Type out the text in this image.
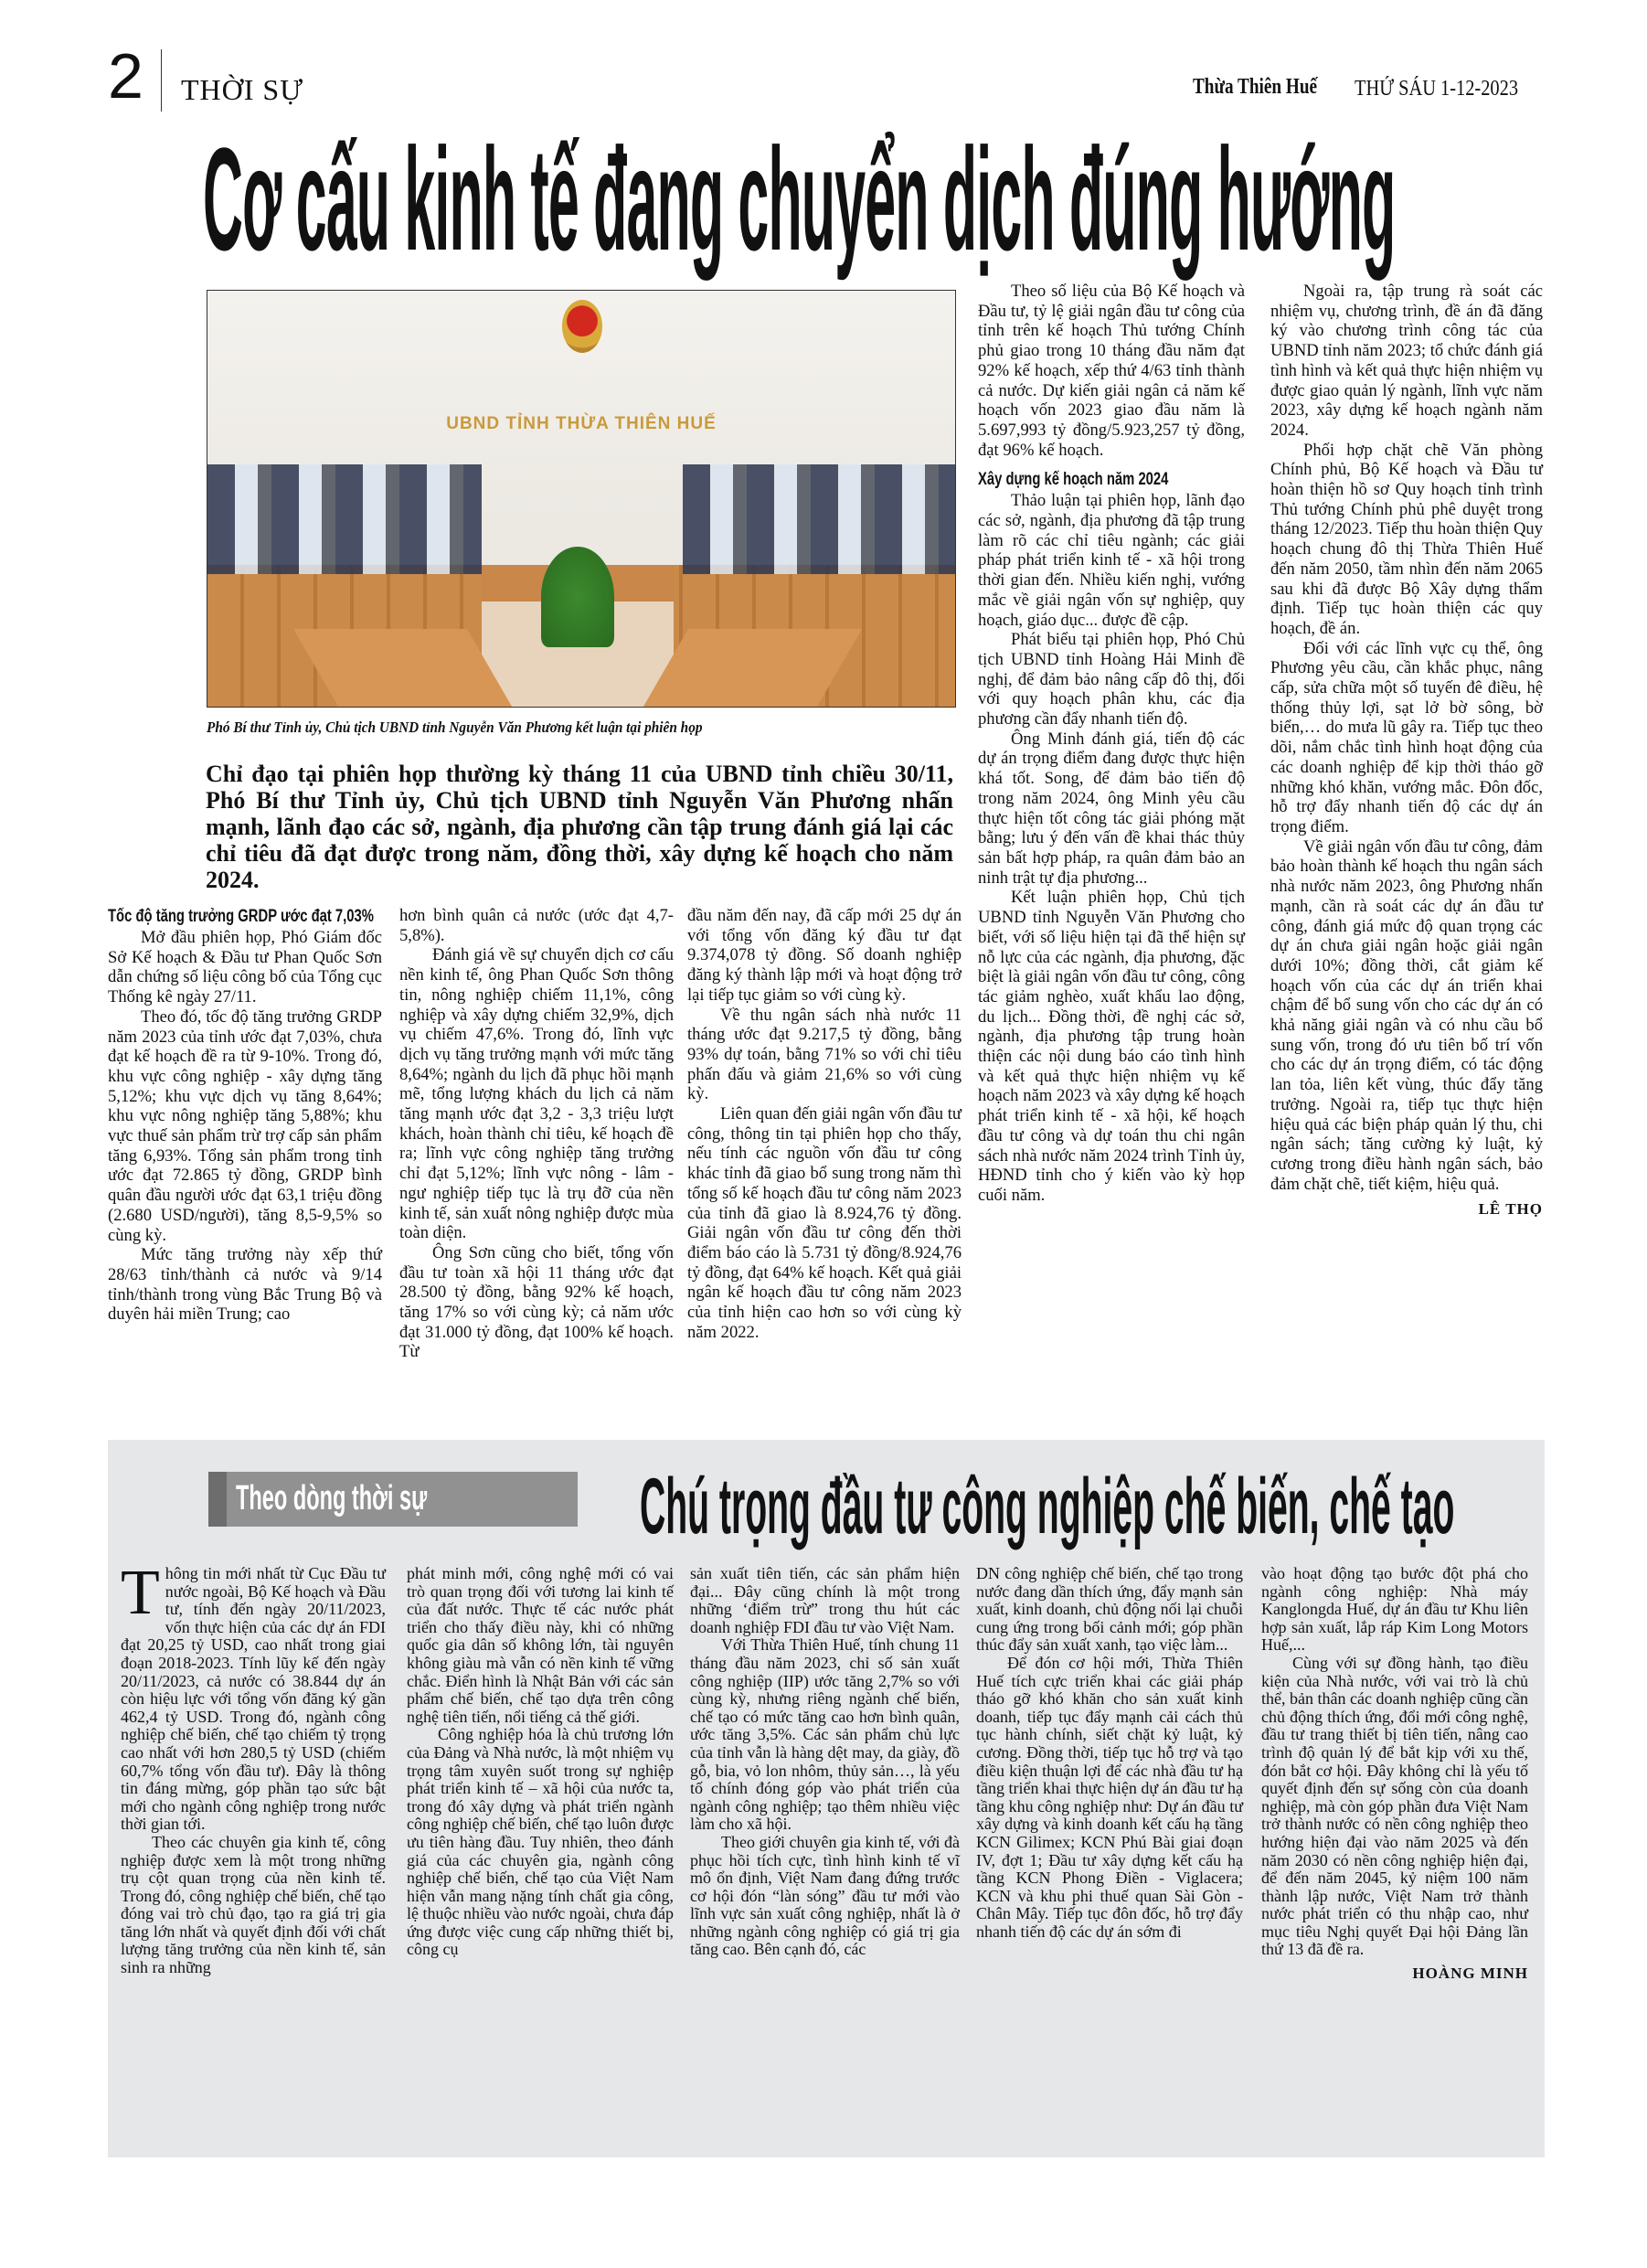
2 THỜI SỰ	Thừa Thiên Huế THỨ SÁU 1-12-2023
Cơ cấu kinh tế đang chuyển dịch đúng hướng
UBND TỈNH THỪA THIÊN HUẾ
Phó Bí thư Tỉnh ủy, Chủ tịch UBND tỉnh Nguyễn Văn Phương kết luận tại phiên họp
Chỉ đạo tại phiên họp thường kỳ tháng 11 của UBND tỉnh chiều 30/11, Phó Bí thư Tỉnh ủy, Chủ tịch UBND tỉnh Nguyễn Văn Phương nhấn mạnh, lãnh đạo các sở, ngành, địa phương cần tập trung đánh giá lại các chỉ tiêu đã đạt được trong năm, đồng thời, xây dựng kế hoạch cho năm 2024.
Tốc độ tăng trưởng GRDP ước đạt 7,03%

Mở đầu phiên họp, Phó Giám đốc Sở Kế hoạch & Đầu tư Phan Quốc Sơn dẫn chứng số liệu công bố của Tổng cục Thống kê ngày 27/11.

Theo đó, tốc độ tăng trưởng GRDP năm 2023 của tỉnh ước đạt 7,03%, chưa đạt kế hoạch đề ra từ 9-10%. Trong đó, khu vực công nghiệp - xây dựng tăng 5,12%; khu vực dịch vụ tăng 8,64%; khu vực nông nghiệp tăng 5,88%; khu vực thuế sản phẩm trừ trợ cấp sản phẩm tăng 6,93%. Tổng sản phẩm trong tỉnh ước đạt 72.865 tỷ đồng, GRDP bình quân đầu người ước đạt 63,1 triệu đồng (2.680 USD/người), tăng 8,5-9,5% so cùng kỳ.

Mức tăng trưởng này xếp thứ 28/63 tỉnh/thành cả nước và 9/14 tỉnh/thành trong vùng Bắc Trung Bộ và duyên hải miền Trung; cao

hơn bình quân cả nước (ước đạt 4,7-5,8%).

Đánh giá về sự chuyển dịch cơ cấu nền kinh tế, ông Phan Quốc Sơn thông tin, nông nghiệp chiếm 11,1%, công nghiệp và xây dựng chiếm 32,9%, dịch vụ chiếm 47,6%. Trong đó, lĩnh vực dịch vụ tăng trưởng mạnh với mức tăng 8,64%; ngành du lịch đã phục hồi mạnh mẽ, tổng lượng khách du lịch cả năm tăng mạnh ước đạt 3,2 - 3,3 triệu lượt khách, hoàn thành chỉ tiêu, kế hoạch đề ra; lĩnh vực công nghiệp tăng trưởng chỉ đạt 5,12%; lĩnh vực nông - lâm - ngư nghiệp tiếp tục là trụ đỡ của nền kinh tế, sản xuất nông nghiệp được mùa toàn diện.

Ông Sơn cũng cho biết, tổng vốn đầu tư toàn xã hội 11 tháng ước đạt 28.500 tỷ đồng, bằng 92% kế hoạch, tăng 17% so với cùng kỳ; cả năm ước đạt 31.000 tỷ đồng, đạt 100% kế hoạch. Từ

đầu năm đến nay, đã cấp mới 25 dự án với tổng vốn đăng ký đầu tư đạt 9.374,078 tỷ đồng. Số doanh nghiệp đăng ký thành lập mới và hoạt động trở lại tiếp tục giảm so với cùng kỳ.

Về thu ngân sách nhà nước 11 tháng ước đạt 9.217,5 tỷ đồng, bằng 93% dự toán, bằng 71% so với chỉ tiêu phấn đấu và giảm 21,6% so với cùng kỳ.

Liên quan đến giải ngân vốn đầu tư công, thông tin tại phiên họp cho thấy, nếu tính các nguồn vốn đầu tư công khác tỉnh đã giao bổ sung trong năm thì tổng số kế hoạch đầu tư công năm 2023 của tỉnh đã giao là 8.924,76 tỷ đồng. Giải ngân vốn đầu tư công đến thời điểm báo cáo là 5.731 tỷ đồng/8.924,76 tỷ đồng, đạt 64% kế hoạch. Kết quả giải ngân kế hoạch đầu tư công năm 2023 của tỉnh hiện cao hơn so với cùng kỳ năm 2022.

Theo số liệu của Bộ Kế hoạch và Đầu tư, tỷ lệ giải ngân đầu tư công của tỉnh trên kế hoạch Thủ tướng Chính phủ giao trong 10 tháng đầu năm đạt 92% kế hoạch, xếp thứ 4/63 tỉnh thành cả nước. Dự kiến giải ngân cả năm kế hoạch vốn 2023 giao đầu năm là 5.697,993 tỷ đồng/5.923,257 tỷ đồng, đạt 96% kế hoạch.

Xây dựng kế hoạch năm 2024

Thảo luận tại phiên họp, lãnh đạo các sở, ngành, địa phương đã tập trung làm rõ các chỉ tiêu ngành; các giải pháp phát triển kinh tế - xã hội trong thời gian đến. Nhiều kiến nghị, vướng mắc về giải ngân vốn sự nghiệp, quy hoạch, giáo dục... được đề cập.

Phát biểu tại phiên họp, Phó Chủ tịch UBND tỉnh Hoàng Hải Minh đề nghị, để đảm bảo nâng cấp đô thị, đối với quy hoạch phân khu, các địa phương cần đẩy nhanh tiến độ.

Ông Minh đánh giá, tiến độ các dự án trọng điểm đang được thực hiện khá tốt. Song, để đảm bảo tiến độ trong năm 2024, ông Minh yêu cầu thực hiện tốt công tác giải phóng mặt bằng; lưu ý đến vấn đề khai thác thủy sản bất hợp pháp, ra quân đảm bảo an ninh trật tự địa phương...

Kết luận phiên họp, Chủ tịch UBND tỉnh Nguyễn Văn Phương cho biết, với số liệu hiện tại đã thể hiện sự nỗ lực của các ngành, địa phương, đặc biệt là giải ngân vốn đầu tư công, công tác giảm nghèo, xuất khẩu lao động, du lịch... Đồng thời, đề nghị các sở, ngành, địa phương tập trung hoàn thiện các nội dung báo cáo tình hình và kết quả thực hiện nhiệm vụ kế hoạch năm 2023 và xây dựng kế hoạch phát triển kinh tế - xã hội, kế hoạch đầu tư công và dự toán thu chi ngân sách nhà nước năm 2024 trình Tỉnh ủy, HĐND tỉnh cho ý kiến vào kỳ họp cuối năm.

Ngoài ra, tập trung rà soát các nhiệm vụ, chương trình, đề án đã đăng ký vào chương trình công tác của UBND tỉnh năm 2023; tổ chức đánh giá tình hình và kết quả thực hiện nhiệm vụ được giao quản lý ngành, lĩnh vực năm 2023, xây dựng kế hoạch ngành năm 2024.

Phối hợp chặt chẽ Văn phòng Chính phủ, Bộ Kế hoạch và Đầu tư hoàn thiện hồ sơ Quy hoạch tỉnh trình Thủ tướng Chính phủ phê duyệt trong tháng 12/2023. Tiếp thu hoàn thiện Quy hoạch chung đô thị Thừa Thiên Huế đến năm 2050, tầm nhìn đến năm 2065 sau khi đã được Bộ Xây dựng thẩm định. Tiếp tục hoàn thiện các quy hoạch, đề án.

Đối với các lĩnh vực cụ thể, ông Phương yêu cầu, cần khắc phục, nâng cấp, sửa chữa một số tuyến đê điều, hệ thống thủy lợi, sạt lở bờ sông, bờ biển,… do mưa lũ gây ra. Tiếp tục theo dõi, nắm chắc tình hình hoạt động của các doanh nghiệp để kịp thời tháo gỡ những khó khăn, vướng mắc. Đôn đốc, hỗ trợ đẩy nhanh tiến độ các dự án trọng điểm.

Về giải ngân vốn đầu tư công, đảm bảo hoàn thành kế hoạch thu ngân sách nhà nước năm 2023, ông Phương nhấn mạnh, cần rà soát các dự án đầu tư công, đánh giá mức độ quan trọng các dự án chưa giải ngân hoặc giải ngân dưới 10%; đồng thời, cắt giảm kế hoạch vốn của các dự án triển khai chậm để bổ sung vốn cho các dự án có khả năng giải ngân và có nhu cầu bổ sung vốn, trong đó ưu tiên bố trí vốn cho các dự án trọng điểm, có tác động lan tỏa, liên kết vùng, thúc đẩy tăng trưởng. Ngoài ra, tiếp tục thực hiện hiệu quả các biện pháp quản lý thu, chi ngân sách; tăng cường kỷ luật, kỷ cương trong điều hành ngân sách, bảo đảm chặt chẽ, tiết kiệm, hiệu quả.

LÊ THỌ
Theo dòng thời sự	Chú trọng đầu tư công nghiệp chế biến, chế tạo

Thông tin mới nhất từ Cục Đầu tư nước ngoài, Bộ Kế hoạch và Đầu tư, tính đến ngày 20/11/2023, vốn thực hiện của các dự án FDI đạt 20,25 tỷ USD, cao nhất trong giai đoạn 2018-2023. Tính lũy kế đến ngày 20/11/2023, cả nước có 38.844 dự án còn hiệu lực với tổng vốn đăng ký gần 462,4 tỷ USD. Trong đó, ngành công nghiệp chế biến, chế tạo chiếm tỷ trọng cao nhất với hơn 280,5 tỷ USD (chiếm 60,7% tổng vốn đầu tư). Đây là thông tin đáng mừng, góp phần tạo sức bật mới cho ngành công nghiệp trong nước thời gian tới.

Theo các chuyên gia kinh tế, công nghiệp được xem là một trong những trụ cột quan trọng của nền kinh tế. Trong đó, công nghiệp chế biến, chế tạo đóng vai trò chủ đạo, tạo ra giá trị gia tăng lớn nhất và quyết định đối với chất lượng tăng trưởng của nền kinh tế, sản sinh ra những

phát minh mới, công nghệ mới có vai trò quan trọng đối với tương lai kinh tế của đất nước. Thực tế các nước phát triển cho thấy điều này, khi có những quốc gia dân số không lớn, tài nguyên không giàu mà vẫn có nền kinh tế vững chắc. Điển hình là Nhật Bản với các sản phẩm chế biến, chế tạo dựa trên công nghệ tiên tiến, nổi tiếng cả thế giới.

Công nghiệp hóa là chủ trương lớn của Đảng và Nhà nước, là một nhiệm vụ trọng tâm xuyên suốt trong sự nghiệp phát triển kinh tế – xã hội của nước ta, trong đó xây dựng và phát triển ngành công nghiệp chế biến, chế tạo luôn được ưu tiên hàng đầu. Tuy nhiên, theo đánh giá của các chuyên gia, ngành công nghiệp chế biến, chế tạo của Việt Nam hiện vẫn mang nặng tính chất gia công, lệ thuộc nhiều vào nước ngoài, chưa đáp ứng được việc cung cấp những thiết bị, công cụ

sản xuất tiên tiến, các sản phẩm hiện đại... Đây cũng chính là một trong những ‘điểm trừ” trong thu hút các doanh nghiệp FDI đầu tư vào Việt Nam.

Với Thừa Thiên Huế, tính chung 11 tháng đầu năm 2023, chỉ số sản xuất công nghiệp (IIP) ước tăng 2,7% so với cùng kỳ, nhưng riêng ngành chế biến, chế tạo có mức tăng cao hơn bình quân, ước tăng 3,5%. Các sản phẩm chủ lực của tỉnh vẫn là hàng dệt may, da giày, đồ gỗ, bia, vỏ lon nhôm, thủy sản…, là yếu tố chính đóng góp vào phát triển của ngành công nghiệp; tạo thêm nhiều việc làm cho xã hội.

Theo giới chuyên gia kinh tế, với đà phục hồi tích cực, tình hình kinh tế vĩ mô ổn định, Việt Nam đang đứng trước cơ hội đón “làn sóng” đầu tư mới vào lĩnh vực sản xuất công nghiệp, nhất là ở những ngành công nghiệp có giá trị gia tăng cao. Bên cạnh đó, các

DN công nghiệp chế biến, chế tạo trong nước đang dần thích ứng, đẩy mạnh sản xuất, kinh doanh, chủ động nối lại chuỗi cung ứng trong bối cảnh mới; góp phần thúc đẩy sản xuất xanh, tạo việc làm...

Để đón cơ hội mới, Thừa Thiên Huế tích cực triển khai các giải pháp tháo gỡ khó khăn cho sản xuất kinh doanh, tiếp tục đẩy mạnh cải cách thủ tục hành chính, siết chặt kỷ luật, kỷ cương. Đồng thời, tiếp tục hỗ trợ và tạo điều kiện thuận lợi để các nhà đầu tư hạ tầng triển khai thực hiện dự án đầu tư hạ tầng khu công nghiệp như: Dự án đầu tư xây dựng và kinh doanh kết cấu hạ tầng KCN Gilimex; KCN Phú Bài giai đoạn IV, đợt 1; Đầu tư xây dựng kết cấu hạ tầng KCN Phong Điền - Viglacera; KCN và khu phi thuế quan Sài Gòn - Chân Mây. Tiếp tục đôn đốc, hỗ trợ đẩy nhanh tiến độ các dự án sớm đi

vào hoạt động tạo bước đột phá cho ngành công nghiệp: Nhà máy Kanglongda Huế, dự án đầu tư Khu liên hợp sản xuất, lắp ráp Kim Long Motors Huế,...

Cùng với sự đồng hành, tạo điều kiện của Nhà nước, với vai trò là chủ thể, bản thân các doanh nghiệp cũng cần chủ động thích ứng, đổi mới công nghệ, đầu tư trang thiết bị tiên tiến, nâng cao trình độ quản lý để bắt kịp với xu thế, đón bắt cơ hội. Đây không chỉ là yếu tố quyết định đến sự sống còn của doanh nghiệp, mà còn góp phần đưa Việt Nam trở thành nước có nền công nghiệp theo hướng hiện đại vào năm 2025 và đến năm 2030 có nền công nghiệp hiện đại, để đến năm 2045, kỷ niệm 100 năm thành lập nước, Việt Nam trở thành nước phát triển có thu nhập cao, như mục tiêu Nghị quyết Đại hội Đảng lần thứ 13 đã đề ra.

HOÀNG MINH
